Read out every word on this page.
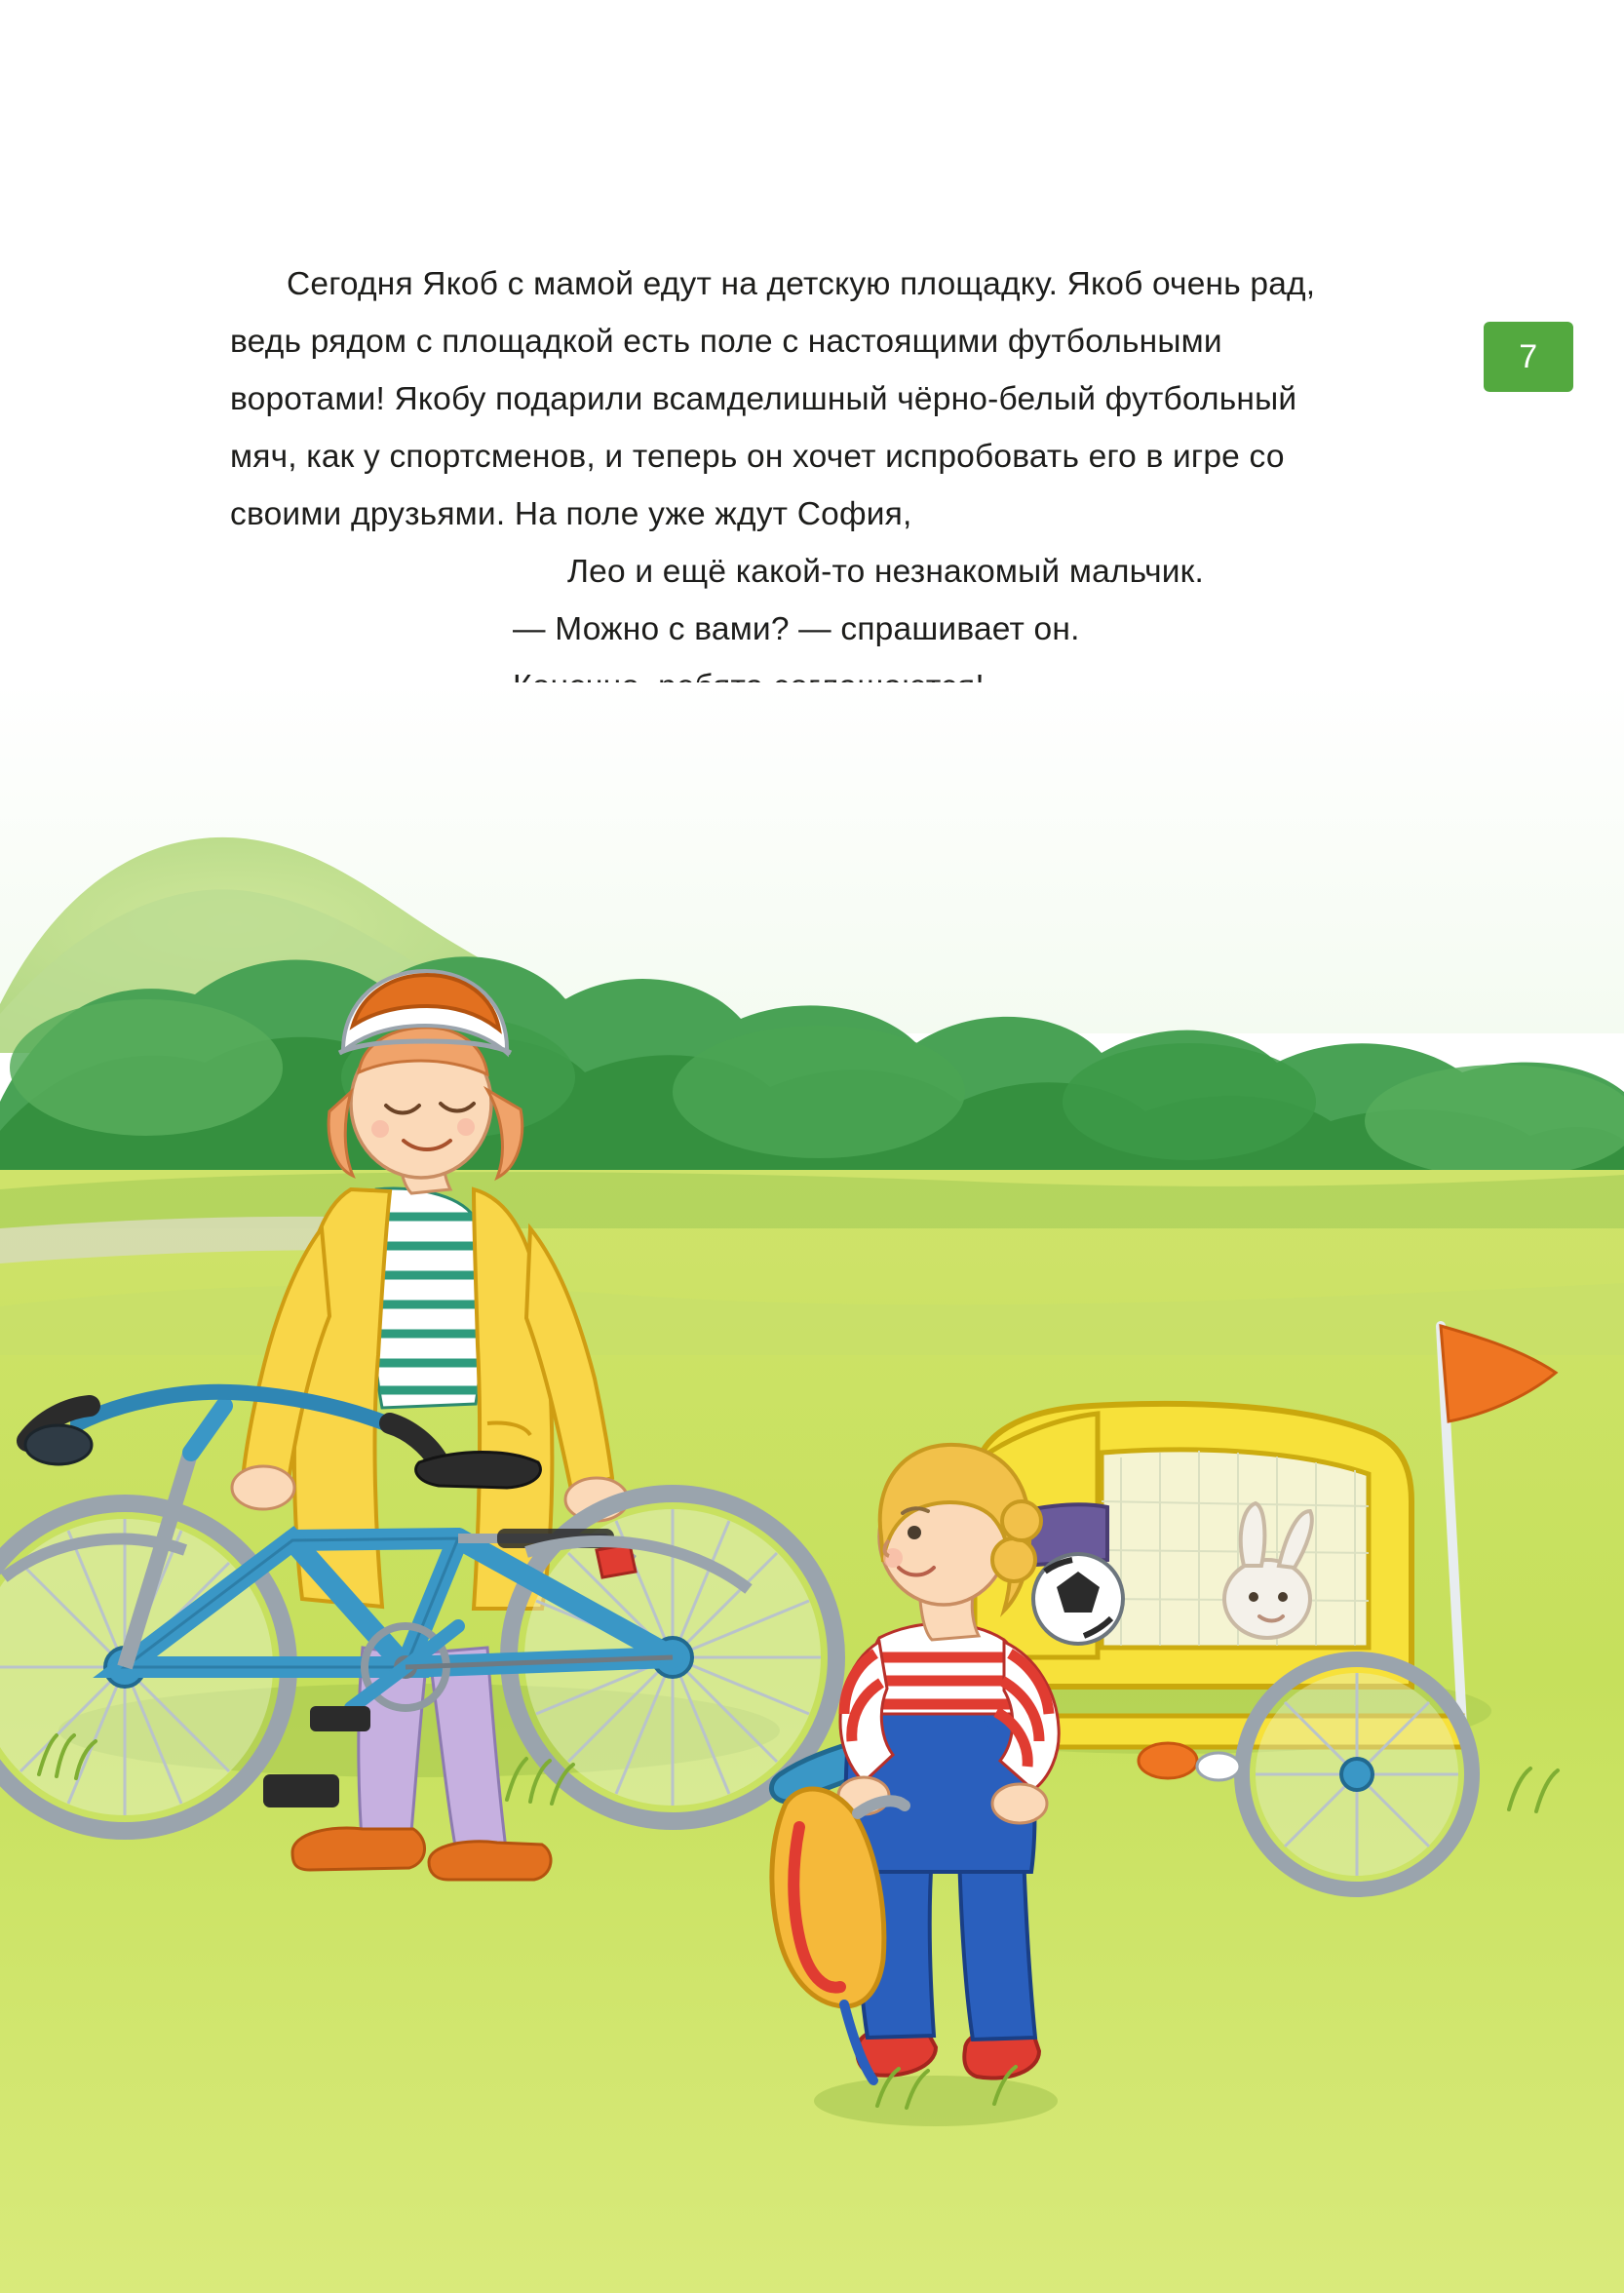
7

Сегодня Якоб с мамой едут на детскую площадку. Якоб очень рад, ведь рядом с площадкой есть поле с настоящими футбольными воротами! Якобу подарили всамделишный чёрно-белый футбольный мяч, как у спортсменов, и теперь он хочет испробовать его в игре со своими друзьями. На поле уже ждут София,

Лео и ещё какой-то незнакомый мальчик.

— Можно с вами? — спрашивает он.
